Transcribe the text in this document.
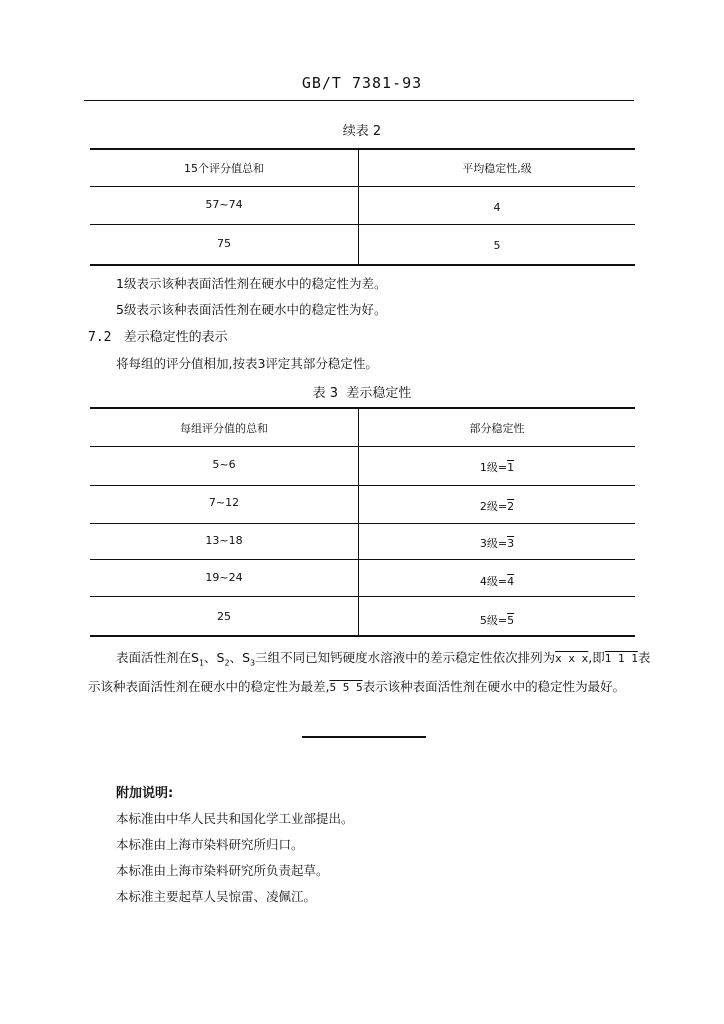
GB/T 7381-93
续表 2
15个评分值总和	平均稳定性,级
57~74	4
75	5
1级表示该种表面活性剂在硬水中的稳定性为差。
5级表示该种表面活性剂在硬水中的稳定性为好。
7.2 差示稳定性的表示
将每组的评分值相加,按表3评定其部分稳定性。
表 3  差示稳定性
每组评分值的总和	部分稳定性
5~6	1级=1
7~12	2级=2
13~18	3级=3
19~24	4级=4
25	5级=5
表面活性剂在$S_1$、$S_2$、$S_3$三组不同已知钙硬度水溶液中的差示稳定性依次排列为x x x,即1 1 1表
示该种表面活性剂在硬水中的稳定性为最差,5 5 5表示该种表面活性剂在硬水中的稳定性为最好。
附加说明:
本标准由中华人民共和国化学工业部提出。
本标准由上海市染料研究所归口。
本标准由上海市染料研究所负责起草。
本标准主要起草人吴惊雷、凌佩江。
